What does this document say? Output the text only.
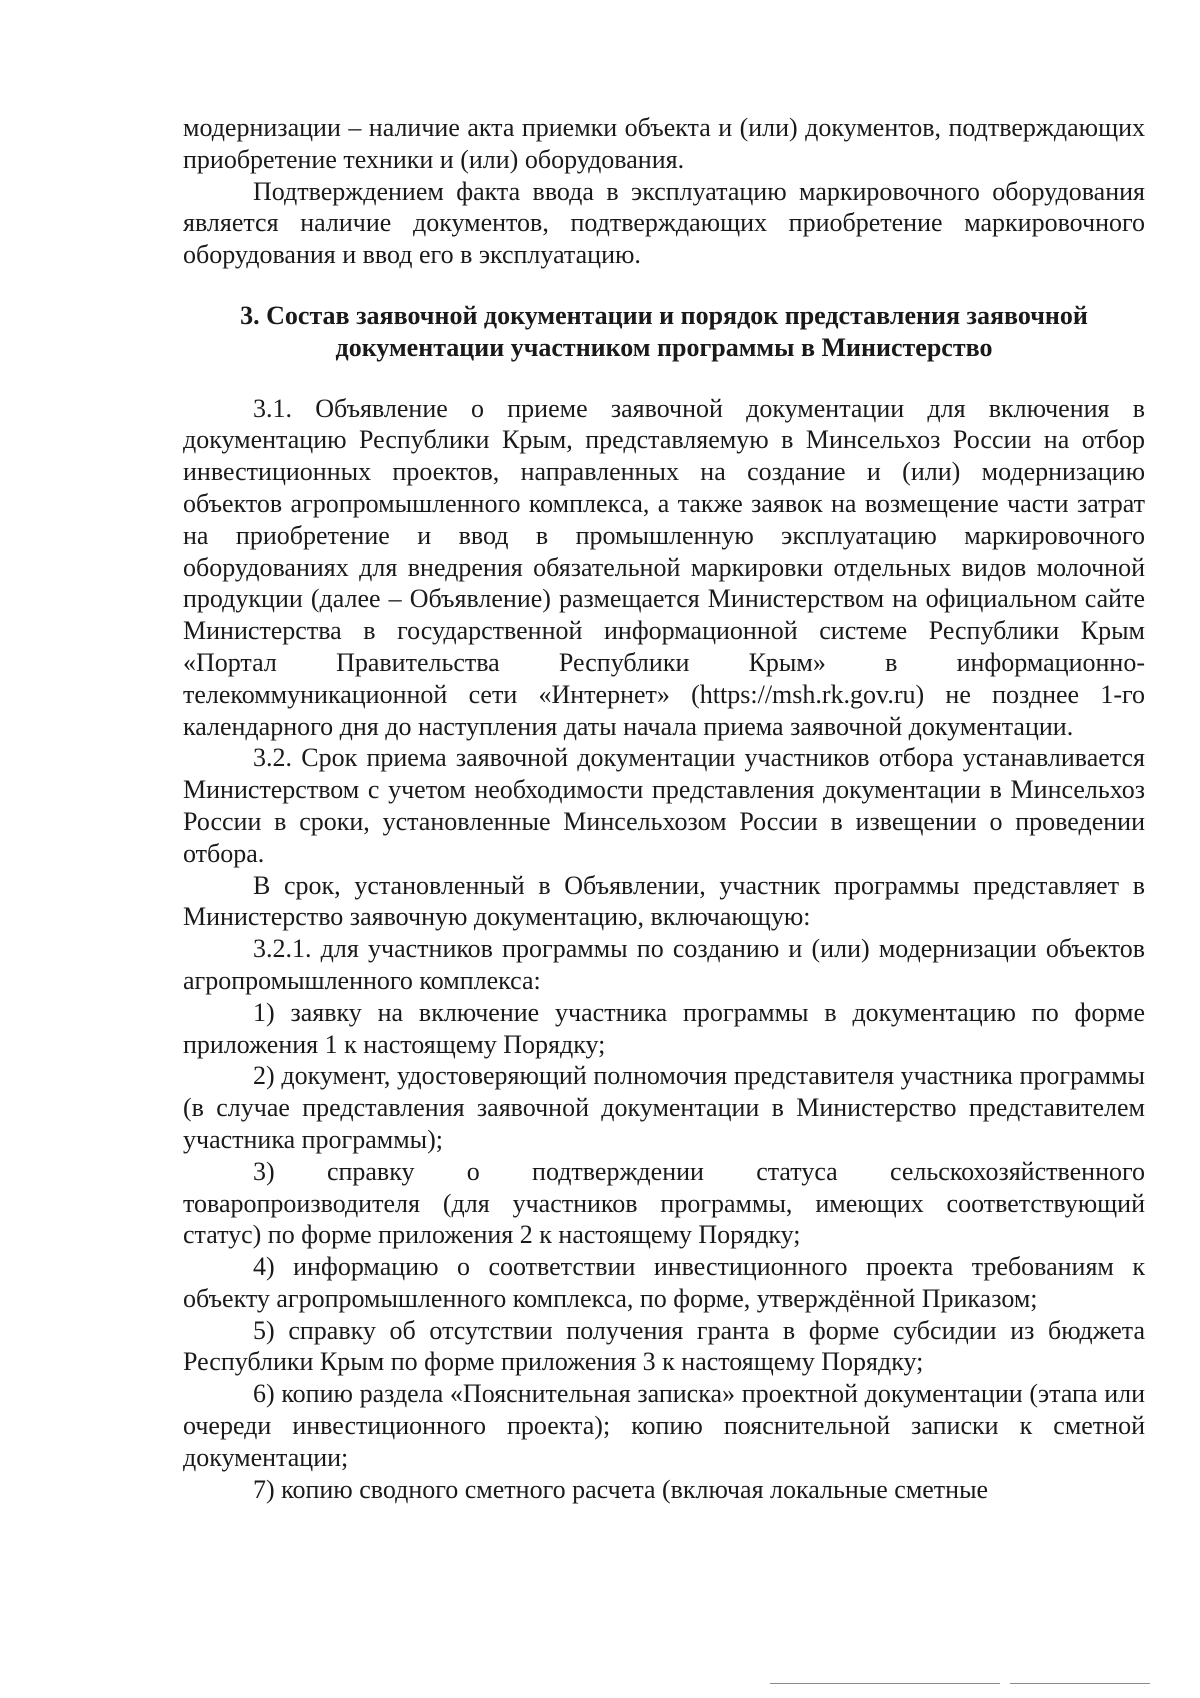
модернизации – наличие акта приемки объекта и (или) документов, подтверждающих приобретение техники и (или) оборудования.

Подтверждением факта ввода в эксплуатацию маркировочного оборудования является наличие документов, подтверждающих приобретение маркировочного оборудования и ввод его в эксплуатацию.

3. Состав заявочной документации и порядок представления заявочной
документации участником программы в Министерство

3.1. Объявление о приеме заявочной документации для включения в документацию Республики Крым, представляемую в Минсельхоз России на отбор инвестиционных проектов, направленных на создание и (или) модернизацию объектов агропромышленного комплекса, а также заявок на возмещение части затрат на приобретение и ввод в промышленную эксплуатацию маркировочного оборудованиях для внедрения обязательной маркировки отдельных видов молочной продукции (далее – Объявление) размещается Министерством на официальном сайте Министерства в государственной информационной системе Республики Крым «Портал Правительства Республики Крым» в информационно-телекоммуникационной сети «Интернет» (https://msh.rk.gov.ru) не позднее 1-го календарного дня до наступления даты начала приема заявочной документации.

3.2. Срок приема заявочной документации участников отбора устанавливается Министерством с учетом необходимости представления документации в Минсельхоз России в сроки, установленные Минсельхозом России в извещении о проведении отбора.

В срок, установленный в Объявлении, участник программы представляет в Министерство заявочную документацию, включающую:

3.2.1. для участников программы по созданию и (или) модернизации объектов агропромышленного комплекса:

1) заявку на включение участника программы в документацию по форме приложения 1 к настоящему Порядку;

2) документ, удостоверяющий полномочия представителя участника программы (в случае представления заявочной документации в Министерство представителем участника программы);

3) справку о подтверждении статуса сельскохозяйственного товаропроизводителя (для участников программы, имеющих соответствующий статус) по форме приложения 2 к настоящему Порядку;

4) информацию о соответствии инвестиционного проекта требованиям к объекту агропромышленного комплекса, по форме, утверждённой Приказом;

5) справку об отсутствии получения гранта в форме субсидии из бюджета Республики Крым по форме приложения 3 к настоящему Порядку;

6) копию раздела «Пояснительная записка» проектной документации (этапа или очереди инвестиционного проекта); копию пояснительной записки к сметной документации;

7) копию сводного сметного расчета (включая локальные сметные
